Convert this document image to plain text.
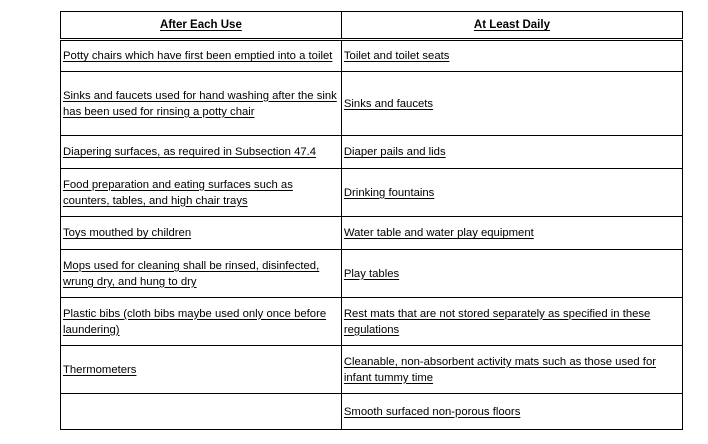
After Each Use	At Least Daily
Potty chairs which have first been emptied into a toilet	Toilet and toilet seats
Sinks and faucets used for hand washing after the sink has been used for rinsing a potty chair	Sinks and faucets
Diapering surfaces, as required in Subsection 47.4	Diaper pails and lids
Food preparation and eating surfaces such as counters, tables, and high chair trays	Drinking fountains
Toys mouthed by children	Water table and water play equipment
Mops used for cleaning shall be rinsed, disinfected, wrung dry, and hung to dry	Play tables
Plastic bibs (cloth bibs maybe used only once before laundering)	Rest mats that are not stored separately as specified in these regulations
Thermometers	Cleanable, non-absorbent activity mats such as those used for infant tummy time
	Smooth surfaced non-porous floors
